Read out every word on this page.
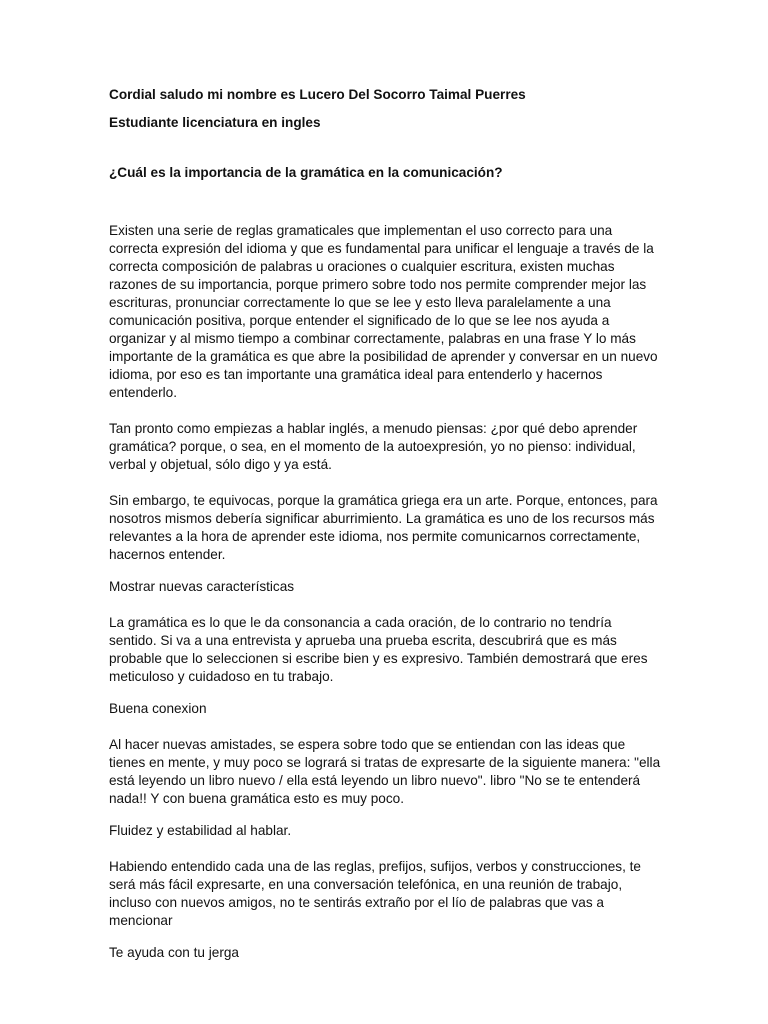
Cordial saludo mi nombre es Lucero Del Socorro Taimal Puerres

Estudiante licenciatura en ingles

¿Cuál es la importancia de la gramática en la comunicación?

Existen una serie de reglas gramaticales que implementan el uso correcto para una correcta expresión del idioma y que es fundamental para unificar el lenguaje a través de la correcta composición de palabras u oraciones o cualquier escritura, existen muchas razones de su importancia, porque primero sobre todo nos permite comprender mejor las escrituras, pronunciar correctamente lo que se lee y esto lleva paralelamente a una comunicación positiva, porque entender el significado de lo que se lee nos ayuda a organizar y al mismo tiempo a combinar correctamente, palabras en una frase Y lo más importante de la gramática es que abre la posibilidad de aprender y conversar en un nuevo idioma, por eso es tan importante una gramática ideal para entenderlo y hacernos entenderlo.

Tan pronto como empiezas a hablar inglés, a menudo piensas: ¿por qué debo aprender gramática? porque, o sea, en el momento de la autoexpresión, yo no pienso: individual, verbal y objetual, sólo digo y ya está.

Sin embargo, te equivocas, porque la gramática griega era un arte. Porque, entonces, para nosotros mismos debería significar aburrimiento. La gramática es uno de los recursos más relevantes a la hora de aprender este idioma, nos permite comunicarnos correctamente, hacernos entender.

Mostrar nuevas características

La gramática es lo que le da consonancia a cada oración, de lo contrario no tendría sentido. Si va a una entrevista y aprueba una prueba escrita, descubrirá que es más probable que lo seleccionen si escribe bien y es expresivo. También demostrará que eres meticuloso y cuidadoso en tu trabajo.

Buena conexion

Al hacer nuevas amistades, se espera sobre todo que se entiendan con las ideas que tienes en mente, y muy poco se logrará si tratas de expresarte de la siguiente manera: "ella está leyendo un libro nuevo / ella está leyendo un libro nuevo". libro "No se te entenderá nada!! Y con buena gramática esto es muy poco.

Fluidez y estabilidad al hablar.

Habiendo entendido cada una de las reglas, prefijos, sufijos, verbos y construcciones, te será más fácil expresarte, en una conversación telefónica, en una reunión de trabajo, incluso con nuevos amigos, no te sentirás extraño por el lío de palabras que vas a mencionar

Te ayuda con tu jerga
